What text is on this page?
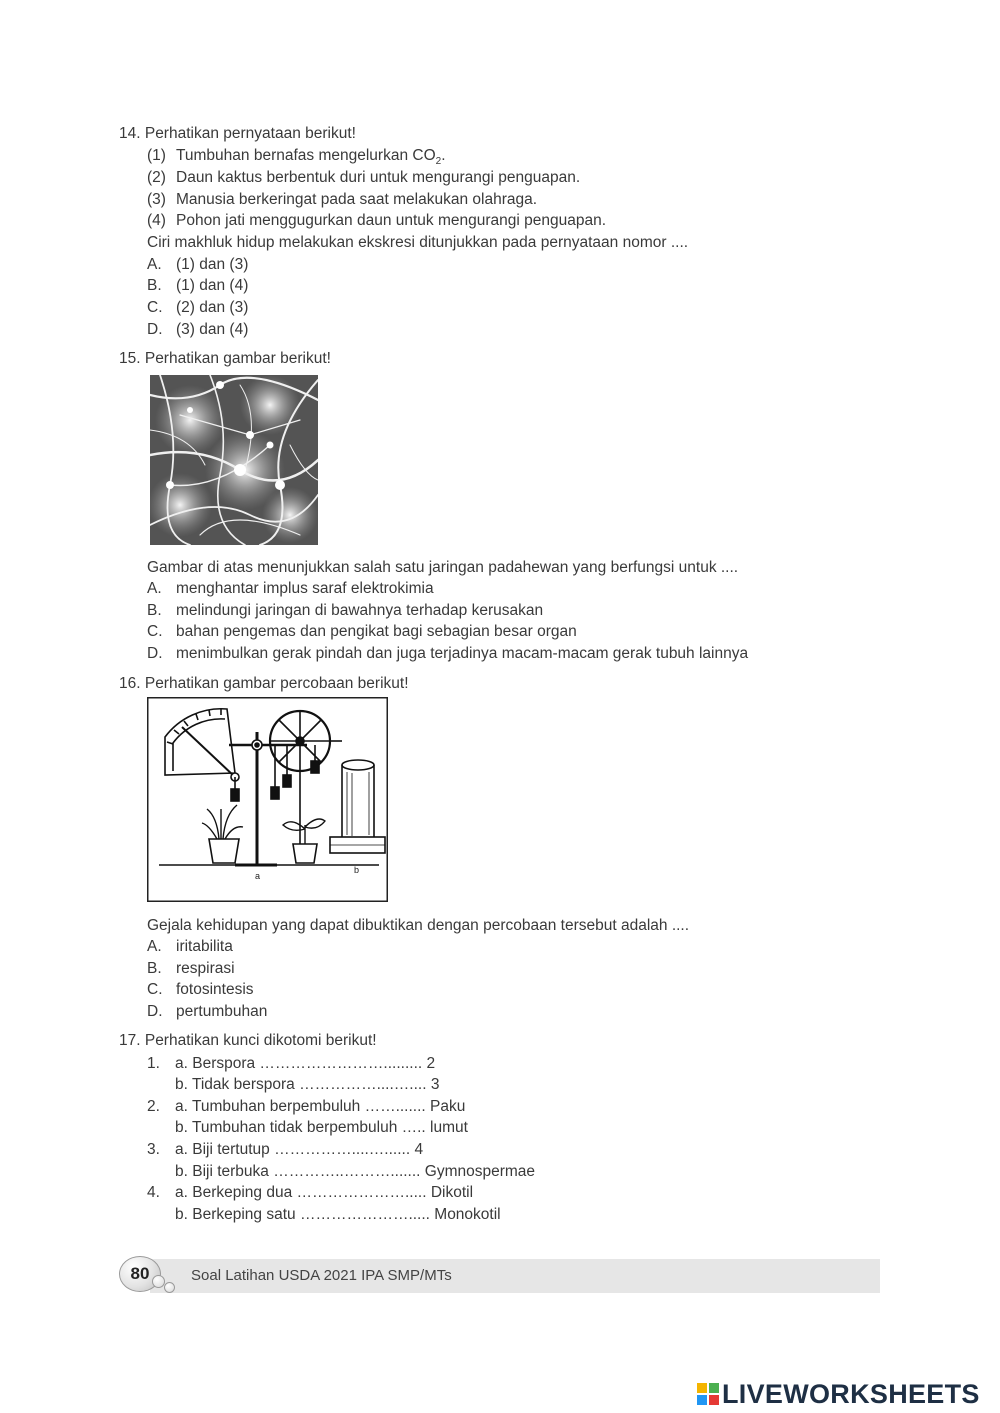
14. Perhatikan pernyataan berikut!
(1) Tumbuhan bernafas mengelurkan $CO_2$.
(2) Daun kaktus berbentuk duri untuk mengurangi penguapan.
(3) Manusia berkeringat pada saat melakukan olahraga.
(4) Pohon jati menggugurkan daun untuk mengurangi penguapan.
Ciri makhluk hidup melakukan ekskresi ditunjukkan pada pernyataan nomor ....
A. (1) dan (3)
B. (1) dan (4)
C. (2) dan (3)
D. (3) dan (4)
15. Perhatikan gambar berikut!
Gambar di atas menunjukkan salah satu jaringan padahewan yang berfungsi untuk ....
A. menghantar implus saraf elektrokimia
B. melindungi jaringan di bawahnya terhadap kerusakan
C. bahan pengemas dan pengikat bagi sebagian besar organ
D. menimbulkan gerak pindah dan juga terjadinya macam-macam gerak tubuh lainnya
16. Perhatikan gambar percobaan berikut!
a
b
Gejala kehidupan yang dapat dibuktikan dengan percobaan tersebut adalah ....
A. iritabilita
B. respirasi
C. fotosintesis
D. pertumbuhan
17. Perhatikan kunci dikotomi berikut!
1. a. Berspora ……………………......... 2
b. Tidak berspora ……………....….... 3
2. a. Tumbuhan berpembuluh ……....... Paku
b. Tumbuhan tidak berpembuluh ….. lumut
3. a. Biji tertutup ……………....…...... 4
b. Biji terbuka …………..………....... Gymnospermae
4. a. Berkeping dua …………………..... Dikotil
b. Berkeping satu …………………..... Monokotil
80	Soal Latihan USDA 2021 IPA SMP/MTs
LIVEWORKSHEETS
